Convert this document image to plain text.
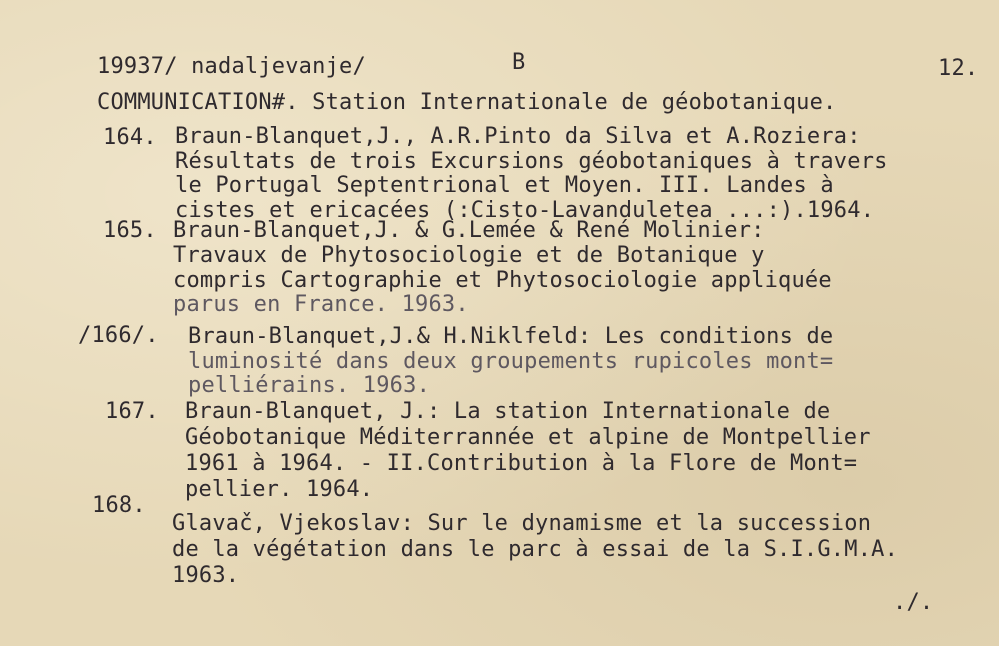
19937/ nadaljevanje/	B	12.
COMMUNICATION#. Station Internationale de géobotanique.
164. Braun-Blanquet,J., A.R.Pinto da Silva et A.Roziera:
Résultats de trois Excursions géobotaniques à travers
le Portugal Septentrional et Moyen. III. Landes à
cistes et ericacées (:Cisto-Lavanduletea ...:).1964.
165. Braun-Blanquet,J. & G.Lemée & René Molinier:
Travaux de Phytosociologie et de Botanique y
compris Cartographie et Phytosociologie appliquée
parus en France. 1963.
/166/. Braun-Blanquet,J.& H.Niklfeld: Les conditions de
luminosité dans deux groupements rupicoles mont=
pelliérains. 1963.
167. Braun-Blanquet, J.: La station Internationale de
Géobotanique Méditerrannée et alpine de Montpellier
1961 à 1964. - II.Contribution à la Flore de Mont=
pellier. 1964.
168.
Glavač, Vjekoslav: Sur le dynamisme et la succession
de la végétation dans le parc à essai de la S.I.G.M.A.
1963.
./.
